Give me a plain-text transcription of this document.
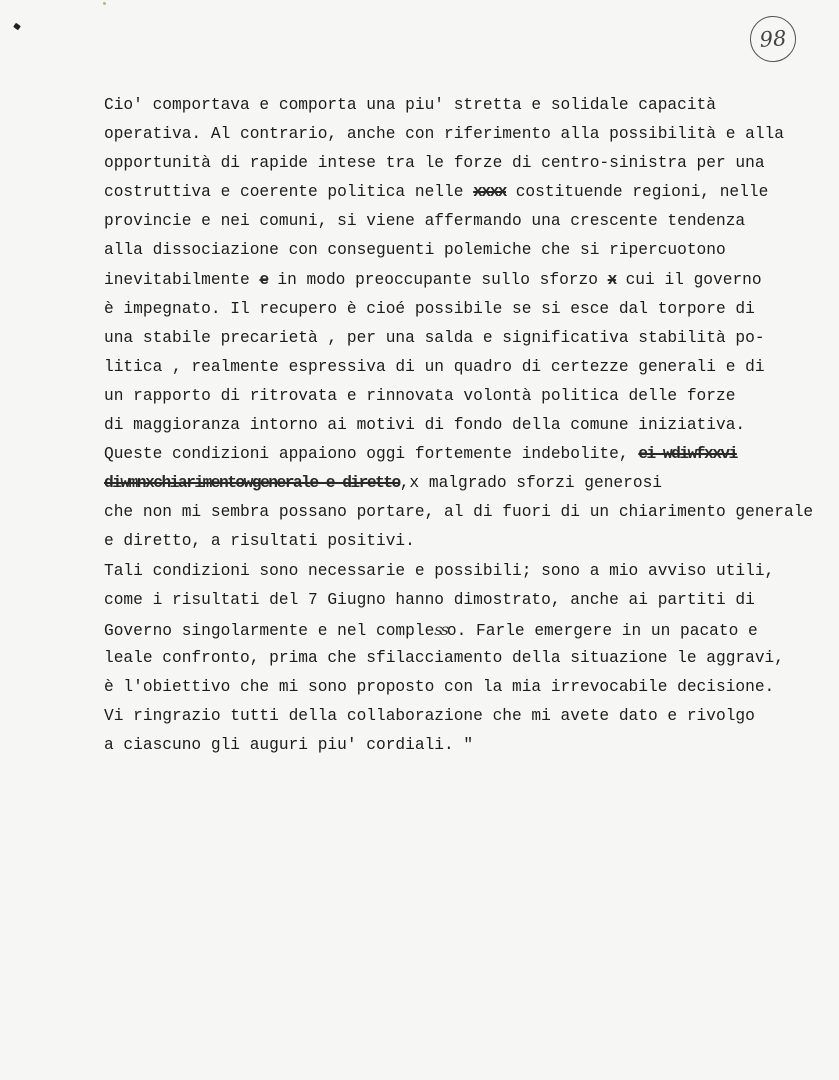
98
Cio' comportava e comporta una piu' stretta e solidale capacità
operativa. Al contrario, anche con riferimento alla possibilità e alla
opportunità di rapide intese tra le forze di centro-sinistra per una
costruttiva e coerente politica nelle xxxx costituende regioni, nelle
provincie e nei comuni, si viene affermando una crescente tendenza
alla dissociazione con conseguenti polemiche che si ripercuotono
inevitabilmente e in modo preoccupante sullo sforzo x cui il governo
è impegnato. Il recupero è cioé possibile se si esce dal torpore di
una stabile precarietà , per una salda e significativa stabilità po-
litica , realmente espressiva di un quadro di certezze generali e di
un rapporto di ritrovata e rinnovata volontà politica delle forze
di maggioranza intorno ai motivi di fondo della comune iniziativa.
Queste condizioni appaiono oggi fortemente indebolite, ei wdiwfxxvi
diwmnxchiarimentowgenerale e diretto,x malgrado sforzi generosi
che non mi sembra possano portare, al di fuori di un chiarimento generale
e diretto, a risultati positivi.
Tali condizioni sono necessarie e possibili; sono a mio avviso utili,
come i risultati del 7 Giugno hanno dimostrato, anche ai partiti di
Governo singolarmente e nel complesso. Farle emergere in un pacato e
leale confronto, prima che sfilacciamento della situazione le aggravi,
è l'obiettivo che mi sono proposto con la mia irrevocabile decisione.
Vi ringrazio tutti della collaborazione che mi avete dato e rivolgo
a ciascuno gli auguri piu' cordiali. "
